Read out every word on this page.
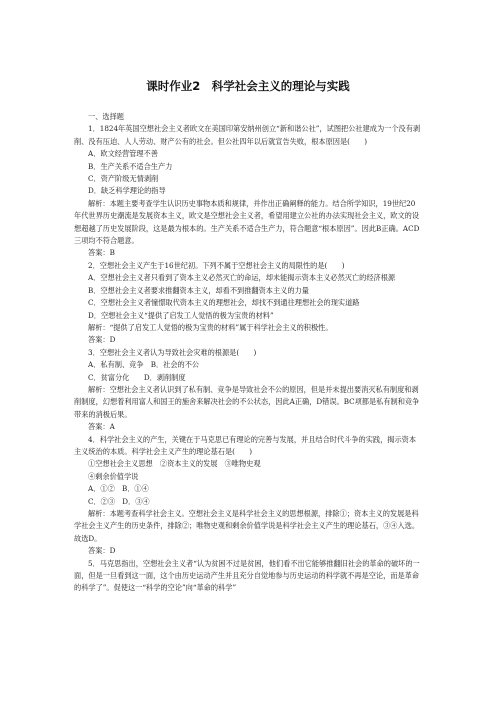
课时作业2　科学社会主义的理论与实践

一、选择题

1．1824年英国空想社会主义者欧文在美国印第安纳州创立“新和谐公社”，试图把公社建成为一个没有剥削、没有压迫、人人劳动、财产公有的社会。但公社四年以后就宣告失败，根本原因是(　　)

A．欧文经营管理不善

B．生产关系不适合生产力

C．资产阶级无情剥削

D．缺乏科学理论的指导

解析：本题主要考查学生认识历史事物本质和规律，并作出正确阐释的能力。结合所学知识，19世纪20年代世界历史潮流是发展资本主义，欧文是空想社会主义者，希望用建立公社的办法实现社会主义，欧文的设想超越了历史发展阶段，这是最为根本的。生产关系不适合生产力，符合题意“根本原因”。因此B正确。ACD三项均不符合题意。

答案：B

2．空想社会主义产生于16世纪初。下列不属于空想社会主义的局限性的是(　　)

A．空想社会主义者只看到了资本主义必然灭亡的命运，却未能揭示资本主义必然灭亡的经济根源

B．空想社会主义者要求推翻资本主义，却看不到推翻资本主义的力量

C．空想社会主义者憧憬取代资本主义的理想社会，却找不到通往理想社会的现实道路

D．空想社会主义“提供了启发工人觉悟的极为宝贵的材料”

解析：“提供了启发工人觉悟的极为宝贵的材料”属于科学社会主义的积极性。

答案：D

3．空想社会主义者认为导致社会灾难的根源是(　　)

A．私有制、竞争　B．社会的不公

C．贫富分化　　D．剥削制度

解析：空想社会主义者认识到了私有制、竞争是导致社会不公的原因，但是并未提出要消灭私有制度和剥削制度，幻想着利用富人和国王的施舍来解决社会的不公状态，因此A正确，D错误。BC项都是私有制和竞争带来的消极后果。

答案：A

4．科学社会主义的产生，关键在于马克思已有理论的完善与发展，并且结合时代斗争的实践，揭示资本主义统治的本质。科学社会主义产生的理论基石是(　　)

①空想社会主义思想　②资本主义的发展　③唯物史观

④剩余价值学说

A．①②　B．①④

C．②③　D．③④

解析：本题考查科学社会主义。空想社会主义是科学社会主义的思想根源，排除①；资本主义的发展是科学社会主义产生的历史条件，排除②；唯物史观和剩余价值学说是科学社会主义产生的理论基石，③④入选。故选D。

答案：D

5．马克思指出，空想社会主义者“认为贫困不过是贫困，他们看不出它能够推翻旧社会的革命的破坏的一面，但是一旦看到这一面，这个由历史运动产生并且充分自觉地参与历史运动的科学就不再是空论，而是革命的科学了”。促使这一“科学的空论”向“革命的科学”
